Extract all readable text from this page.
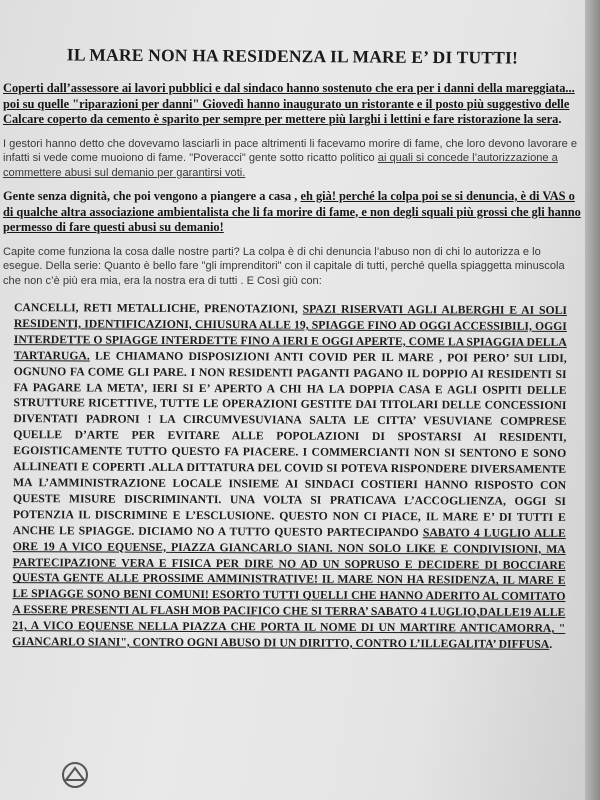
IL MARE NON HA RESIDENZA IL MARE E’ DI TUTTI!

Coperti dall’assessore ai lavori pubblici e dal sindaco hanno sostenuto che era per i danni della mareggiata... poi su quelle "riparazioni per danni" Giovedì hanno inaugurato un ristorante e il posto più suggestivo delle Calcare coperto da cemento è sparito per sempre per mettere più larghi i lettini e fare ristorazione la sera.

I gestori hanno detto che dovevamo lasciarli in pace altrimenti li facevamo morire di fame, che loro devono lavorare e infatti si vede come muoiono di fame. "Poveracci" gente sotto ricatto politico ai quali si concede l’autorizzazione a commettere abusi sul demanio per garantirsi voti.

Gente senza dignità, che poi vengono a piangere a casa , eh già! perché la colpa poi se si denuncia, è di VAS o di qualche altra associazione ambientalista che li fa morire di fame, e non degli squali più grossi che gli hanno permesso di fare questi abusi su demanio!

Capite come funziona la cosa dalle nostre parti? La colpa è di chi denuncia l’abuso non di chi lo autorizza e lo esegue. Della serie: Quanto è bello fare "gli imprenditori" con il capitale di tutti, perché quella spiaggetta minuscola che non c’è più era mia, era la nostra era di tutti . E Così giù con:

CANCELLI, RETI METALLICHE, PRENOTAZIONI, SPAZI RISERVATI AGLI ALBERGHI E AI SOLI RESIDENTI, IDENTIFICAZIONI, CHIUSURA ALLE 19, SPIAGGE FINO AD OGGI ACCESSIBILI, OGGI INTERDETTE O SPIAGGE INTERDETTE FINO A IERI E OGGI APERTE, COME LA SPIAGGIA DELLA TARTARUGA. LE CHIAMANO DISPOSIZIONI ANTI COVID PER IL MARE , POI PERO’ SUI LIDI, OGNUNO FA COME GLI PARE. I NON RESIDENTI PAGANTI PAGANO IL DOPPIO AI RESIDENTI SI FA PAGARE LA META’, IERI SI E’ APERTO A CHI HA LA DOPPIA CASA E AGLI OSPITI DELLE STRUTTURE RICETTIVE, TUTTE LE OPERAZIONI GESTITE DAI TITOLARI DELLE CONCESSIONI DIVENTATI PADRONI ! LA CIRCUMVESUVIANA SALTA LE CITTA’ VESUVIANE COMPRESE QUELLE D’ARTE PER EVITARE ALLE POPOLAZIONI DI SPOSTARSI AI RESIDENTI, EGOISTICAMENTE TUTTO QUESTO FA PIACERE. I COMMERCIANTI NON SI SENTONO E SONO ALLINEATI E COPERTI .ALLA DITTATURA DEL COVID SI POTEVA RISPONDERE DIVERSAMENTE MA L’AMMINISTRAZIONE LOCALE INSIEME AI SINDACI COSTIERI HANNO RISPOSTO CON QUESTE MISURE DISCRIMINANTI. UNA VOLTA SI PRATICAVA L’ACCOGLIENZA, OGGI SI POTENZIA IL DISCRIMINE E L’ESCLUSIONE. QUESTO NON CI PIACE, IL MARE E’ DI TUTTI E ANCHE LE SPIAGGE. DICIAMO NO A TUTTO QUESTO PARTECIPANDO SABATO 4 LUGLIO ALLE ORE 19 A VICO EQUENSE, PIAZZA GIANCARLO SIANI. NON SOLO LIKE E CONDIVISIONI, MA PARTECIPAZIONE VERA E FISICA PER DIRE NO AD UN SOPRUSO E DECIDERE DI BOCCIARE QUESTA GENTE ALLE PROSSIME AMMINISTRATIVE! IL MARE NON HA RESIDENZA, IL MARE E LE SPIAGGE SONO BENI COMUNI! ESORTO TUTTI QUELLI CHE HANNO ADERITO AL COMITATO A ESSERE PRESENTI AL FLASH MOB PACIFICO CHE SI TERRA’ SABATO 4 LUGLIO,DALLE19 ALLE 21, A VICO EQUENSE NELLA PIAZZA CHE PORTA IL NOME DI UN MARTIRE ANTICAMORRA, " GIANCARLO SIANI", CONTRO OGNI ABUSO DI UN DIRITTO, CONTRO L’ILLEGALITA’ DIFFUSA.
